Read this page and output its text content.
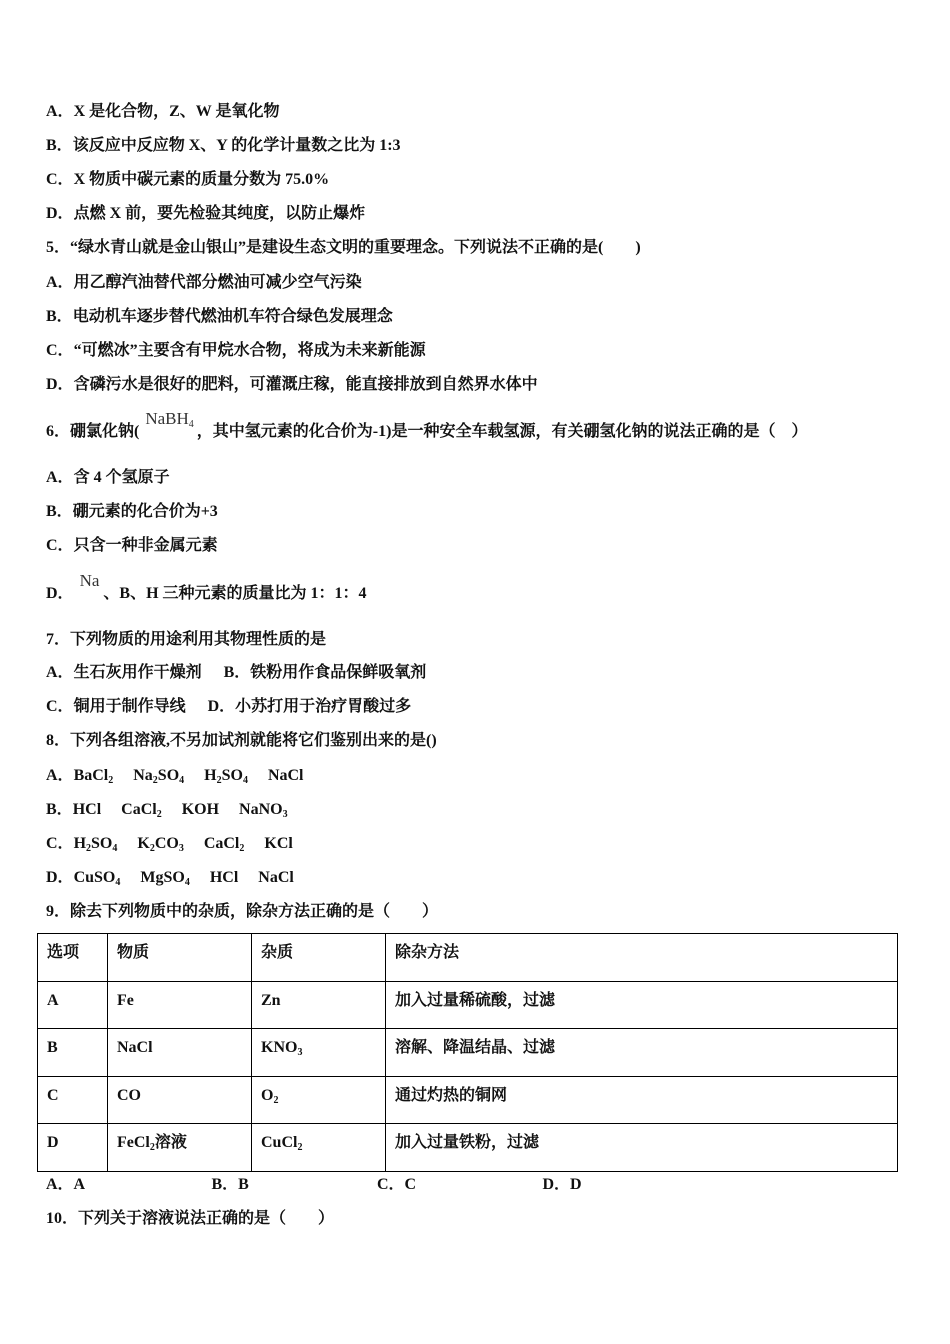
A． X 是化合物，Z、W 是氧化物
B． 该反应中反应物 X、Y 的化学计量数之比为 1:3
C． X 物质中碳元素的质量分数为 75.0%
D． 点燃 X 前，要先检验其纯度，以防止爆炸
5．“绿水青山就是金山银山”是建设生态文明的重要理念。下列说法不正确的是(　　)
A． 用乙醇汽油替代部分燃油可减少空气污染
B． 电动机车逐步替代燃油机车符合绿色发展理念
C． “可燃冰”主要含有甲烷水合物，将成为未来新能源
D． 含磷污水是很好的肥料，可灌溉庄稼，能直接排放到自然界水体中
6．硼氯化钠(
NaBH$_4$ ，其中氢元素的化合价为-1)是一种安全车载氢源，有关硼氢化钠的说法正确的是（　）
A． 含 4 个氢原子
B． 硼元素的化合价为+3
C． 只含一种非金属元素
D．
Na
、B、H 三种元素的质量比为 1：1：4
7．下列物质的用途利用其物理性质的是
A．生石灰用作干燥剂 B．铁粉用作食品保鲜吸氧剂
C．铜用于制作导线 D．小苏打用于治疗胃酸过多
8．下列各组溶液,不另加试剂就能将它们鉴别出来的是()
A． BaCl$_2$ $Na_2SO_4$ $H_2SO_4$ NaCl
B． HCl CaCl$_2$ KOH NaNO$_3$
C． $H_2SO_4$ $K_2CO_3$ CaCl$_2$ KCl
D． CuSO$_4$ MgSO$_4$ HCl NaCl
9．除去下列物质中的杂质，除杂方法正确的是（　　）
选项	物质	杂质	除杂方法
A	Fe	Zn	加入过量稀硫酸，过滤
B	NaCl	$KNO_3$	溶解、降温结晶、过滤
C	CO	$O_2$	通过灼热的铜网
D	FeCl$_2$溶液	CuCl$_2$	加入过量铁粉，过滤
A．A	B．B	C．C	D．D
10．下列关于溶液说法正确的是（　　）
